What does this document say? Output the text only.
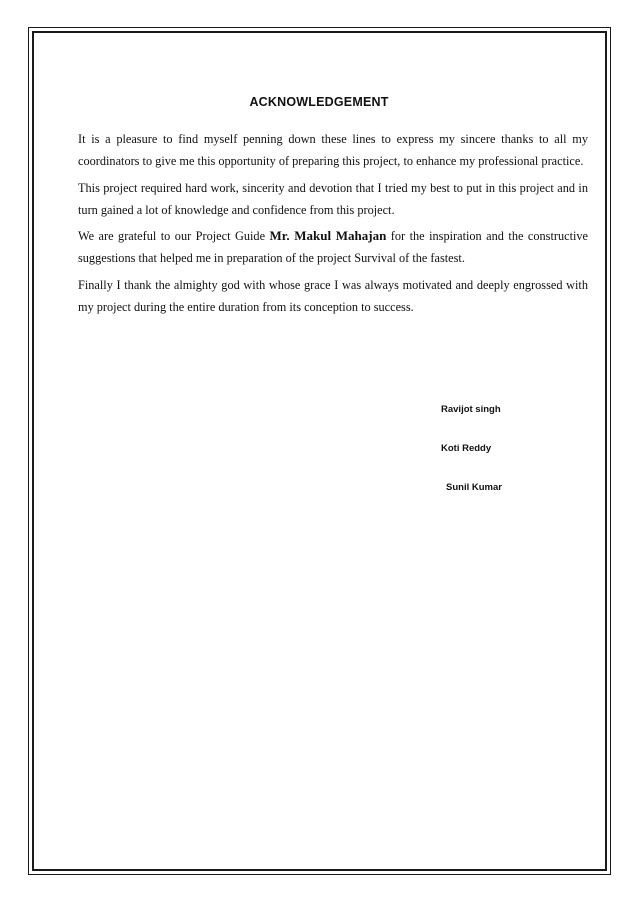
ACKNOWLEDGEMENT

It is a pleasure to find myself penning down these lines to express my sincere thanks to all my coordinators to give me this opportunity of preparing this project, to enhance my professional practice.

This project required hard work, sincerity and devotion that I tried my best to put in this project and in turn gained a lot of knowledge and confidence from this project.

We are grateful to our Project Guide Mr. Makul Mahajan for the inspiration and the constructive suggestions that helped me in preparation of the project Survival of the fastest.

Finally I thank the almighty god with whose grace I was always motivated and deeply engrossed with my project during the entire duration from its conception to success.

Ravijot singh
Koti Reddy
Sunil Kumar
